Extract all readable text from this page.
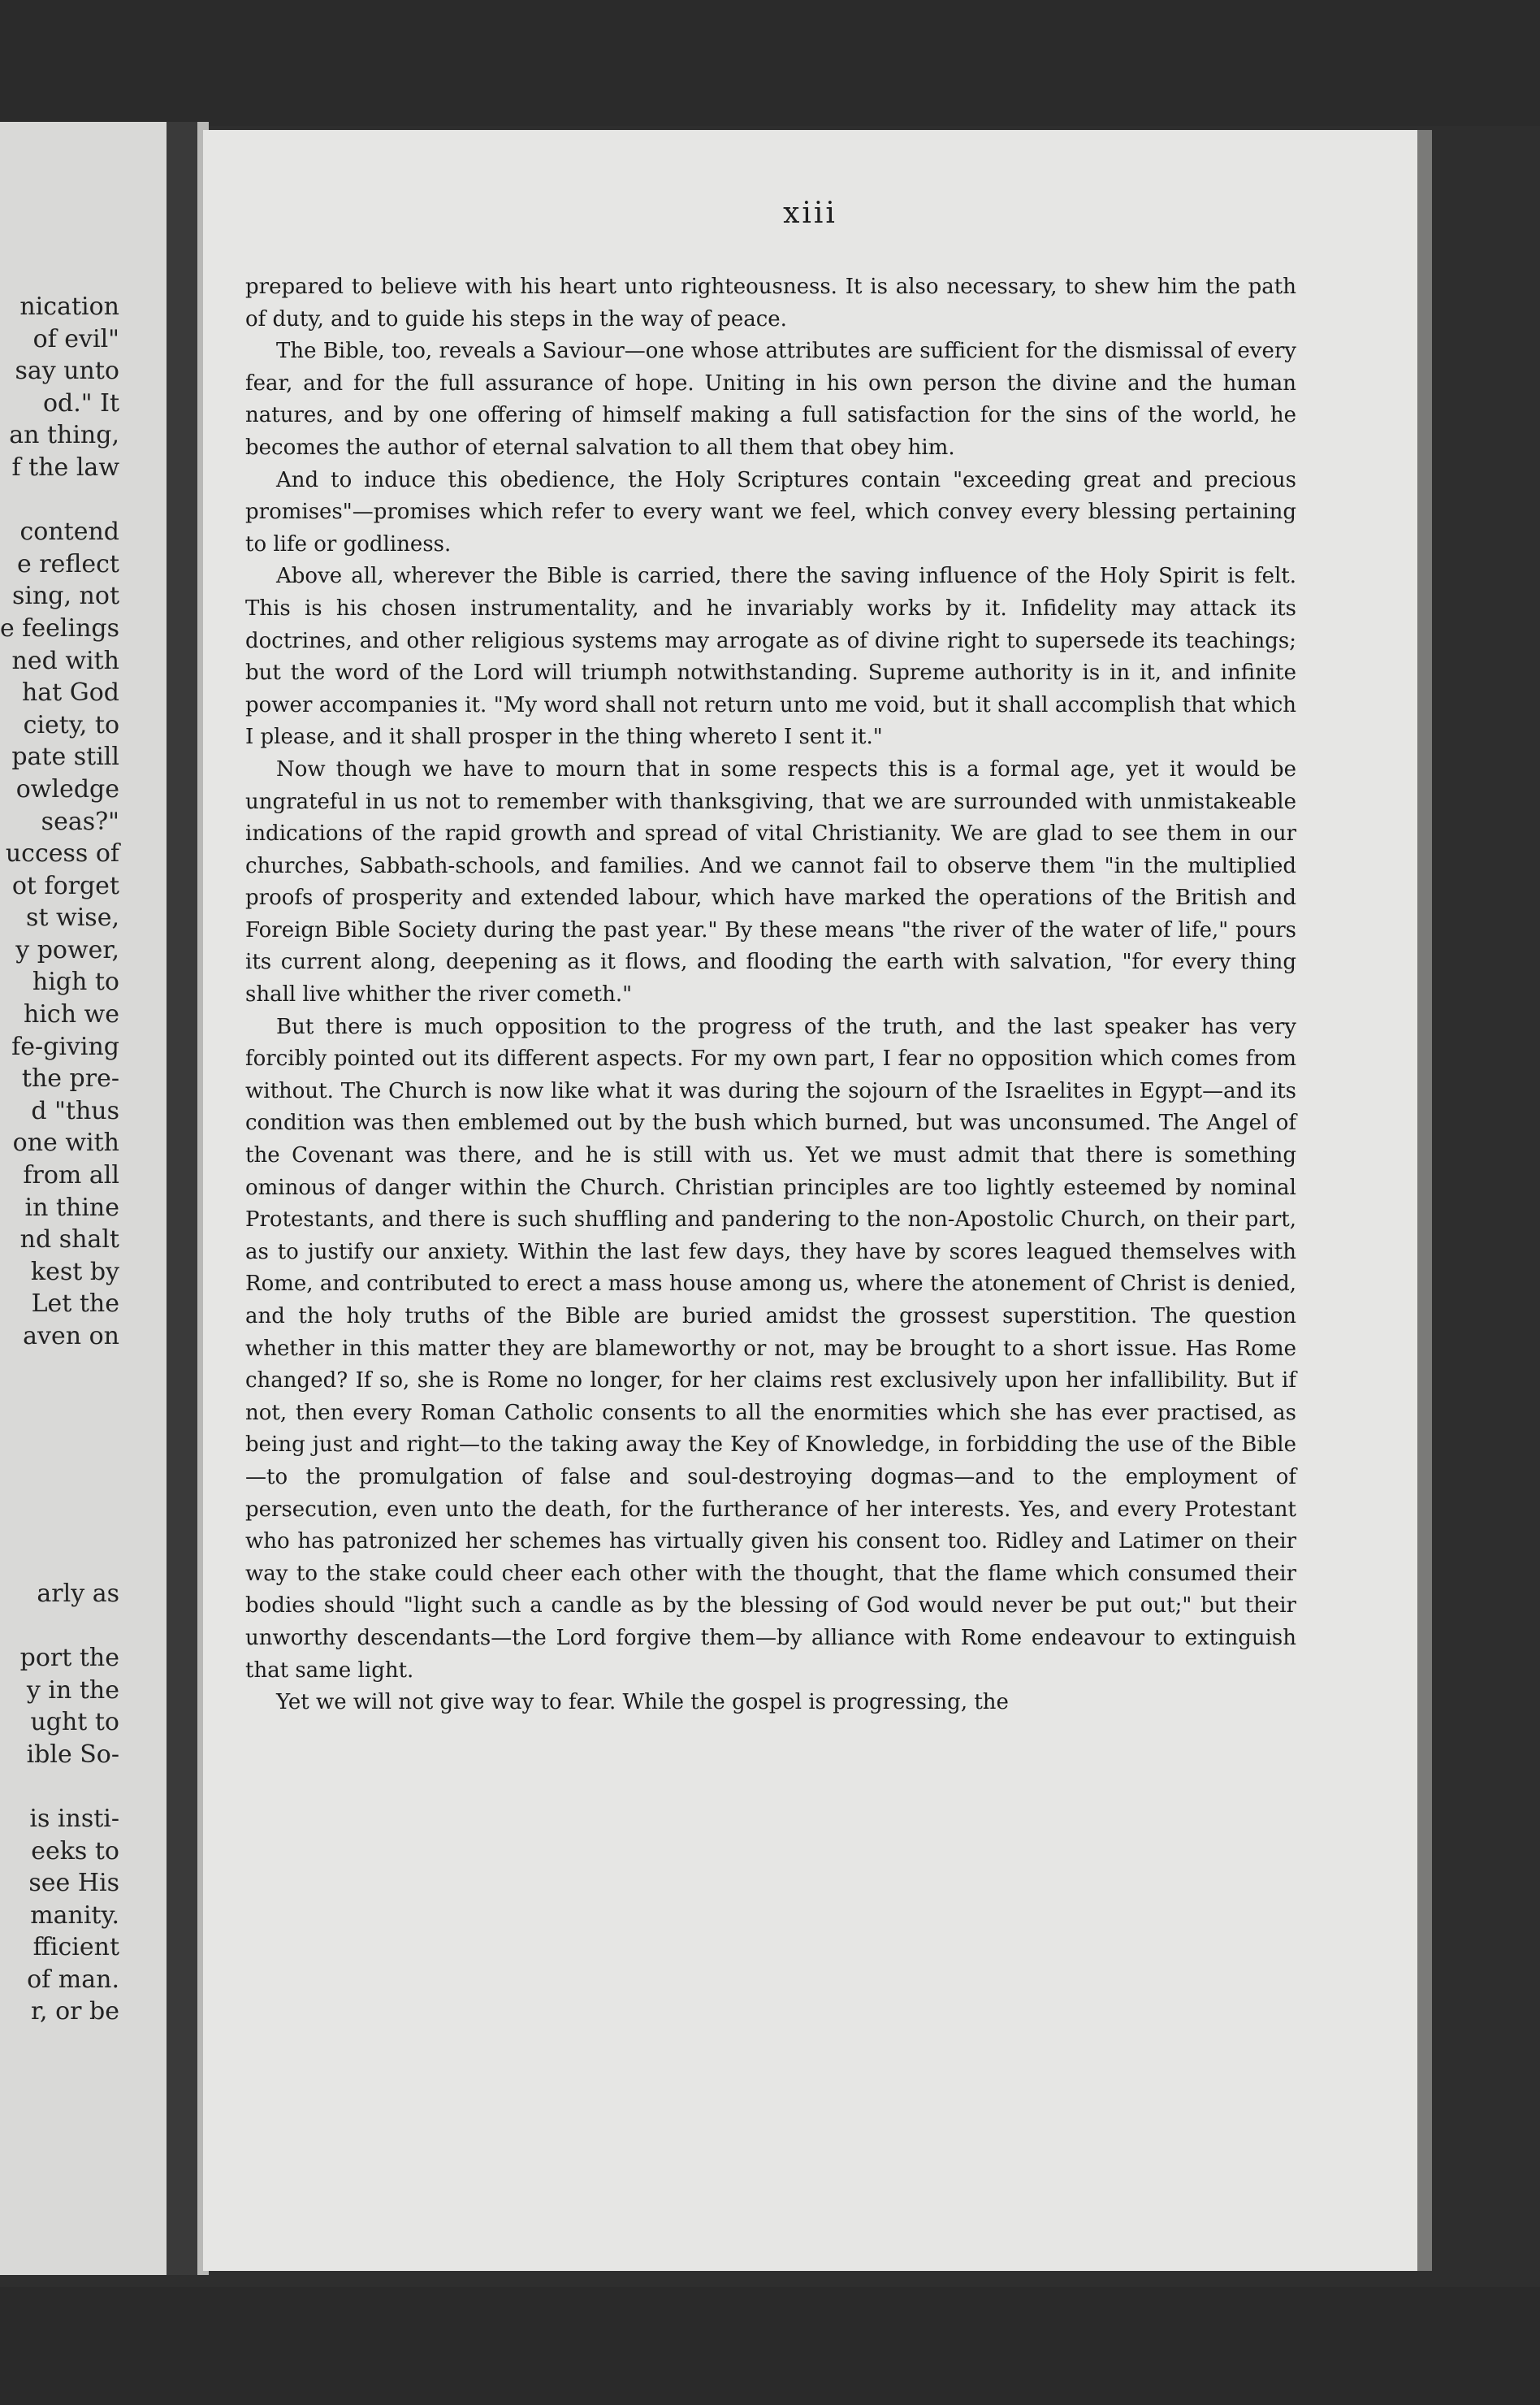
nication
of evil"
say unto
od." It
an thing,
f the law
contend
e reflect
sing, not
e feelings
ned with
hat God
ciety, to
pate still
owledge
seas?"
uccess of
ot forget
st wise,
y power,
high to
hich we
fe-giving
the pre-
d "thus
one with
from all
in thine
nd shalt
kest by
Let the
aven on
arly as
port the
y in the
ught to
ible So-
is insti-
eeks to
see His
manity.
fficient
of man.
r, or be
xiii

prepared to believe with his heart unto righteousness. It is also necessary, to shew him the path of duty, and to guide his steps in the way of peace.

The Bible, too, reveals a Saviour—one whose attributes are sufficient for the dismissal of every fear, and for the full assurance of hope. Uniting in his own person the divine and the human natures, and by one offering of himself making a full satisfaction for the sins of the world, he becomes the author of eternal salvation to all them that obey him.

And to induce this obedience, the Holy Scriptures contain "exceeding great and precious promises"—promises which refer to every want we feel, which convey every blessing pertaining to life or godliness.

Above all, wherever the Bible is carried, there the saving influence of the Holy Spirit is felt. This is his chosen instrumentality, and he invariably works by it. Infidelity may attack its doctrines, and other religious systems may arrogate as of divine right to supersede its teachings; but the word of the Lord will triumph notwithstanding. Supreme authority is in it, and infinite power accompanies it. "My word shall not return unto me void, but it shall accomplish that which I please, and it shall prosper in the thing whereto I sent it."

Now though we have to mourn that in some respects this is a formal age, yet it would be ungrateful in us not to remember with thanksgiving, that we are surrounded with unmistakeable indications of the rapid growth and spread of vital Christianity. We are glad to see them in our churches, Sabbath-schools, and families. And we cannot fail to observe them "in the multiplied proofs of prosperity and extended labour, which have marked the operations of the British and Foreign Bible Society during the past year." By these means "the river of the water of life," pours its current along, deepening as it flows, and flooding the earth with salvation, "for every thing shall live whither the river cometh."

But there is much opposition to the progress of the truth, and the last speaker has very forcibly pointed out its different aspects. For my own part, I fear no opposition which comes from without. The Church is now like what it was during the sojourn of the Israelites in Egypt—and its condition was then emblemed out by the bush which burned, but was unconsumed. The Angel of the Covenant was there, and he is still with us. Yet we must admit that there is something ominous of danger within the Church. Christian principles are too lightly esteemed by nominal Protestants, and there is such shuffling and pandering to the non-Apostolic Church, on their part, as to justify our anxiety. Within the last few days, they have by scores leagued themselves with Rome, and contributed to erect a mass house among us, where the atonement of Christ is denied, and the holy truths of the Bible are buried amidst the grossest superstition. The question whether in this matter they are blameworthy or not, may be brought to a short issue. Has Rome changed? If so, she is Rome no longer, for her claims rest exclusively upon her infallibility. But if not, then every Roman Catholic consents to all the enormities which she has ever practised, as being just and right—to the taking away the Key of Knowledge, in forbidding the use of the Bible—to the promulgation of false and soul-destroying dogmas—and to the employment of persecution, even unto the death, for the furtherance of her interests. Yes, and every Protestant who has patronized her schemes has virtually given his consent too. Ridley and Latimer on their way to the stake could cheer each other with the thought, that the flame which consumed their bodies should "light such a candle as by the blessing of God would never be put out;" but their unworthy descendants—the Lord forgive them—by alliance with Rome endeavour to extinguish that same light.

Yet we will not give way to fear. While the gospel is progressing, the
